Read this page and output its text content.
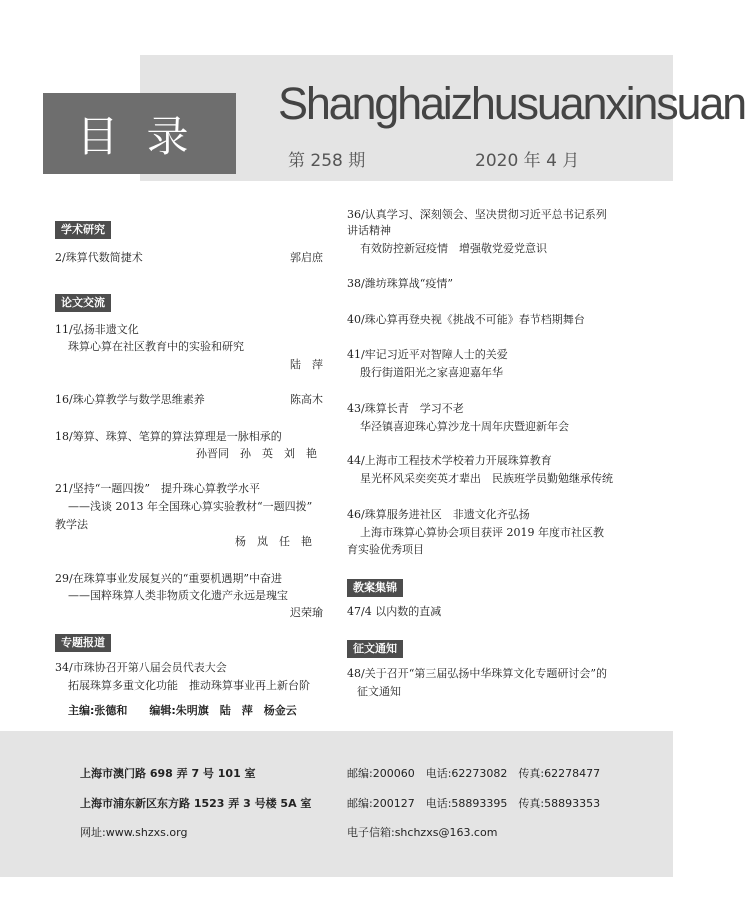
目录
Shanghaizhusuanxinsuan
第 258 期	2020 年 4 月
学术研究
2/珠算代数简捷术	郭启庶
论文交流
11/弘扬非遗文化
珠算心算在社区教育中的实验和研究
陆　萍
16/珠心算教学与数学思维素养	陈高木
18/筹算、珠算、笔算的算法算理是一脉相承的
孙晋同　孙　英　刘　艳
21/坚持“一题四拨”　提升珠心算教学水平
——浅谈 2013 年全国珠心算实验教材“一题四拨”
教学法
杨　岚　任　艳
29/在珠算事业发展复兴的“重要机遇期”中奋进
——国粹珠算人类非物质文化遗产永远是瑰宝
迟荣瑜
专题报道
34/市珠协召开第八届会员代表大会
拓展珠算多重文化功能　推动珠算事业再上新台阶
主编:张德和　　编辑:朱明旗　陆　萍　杨金云
36/认真学习、深刻领会、坚决贯彻习近平总书记系列
讲话精神
有效防控新冠疫情　增强敬党爱党意识
38/潍坊珠算战“疫情”
40/珠心算再登央视《挑战不可能》春节档期舞台
41/牢记习近平对智障人士的关爱
殷行街道阳光之家喜迎嘉年华
43/珠算长青　学习不老
华泾镇喜迎珠心算沙龙十周年庆暨迎新年会
44/上海市工程技术学校着力开展珠算教育
星光杯风采奕奕英才辈出　民族班学员勤勉继承传统
46/珠算服务进社区　非遗文化齐弘扬
上海市珠算心算协会项目获评 2019 年度市社区教
育实验优秀项目
教案集锦
47/4 以内数的直减
征文通知
48/关于召开“第三届弘扬中华珠算文化专题研讨会”的
征文通知
上海市澳门路 698 弄 7 号 101 室	邮编:200060　电话:62273082　传真:62278477
上海市浦东新区东方路 1523 弄 3 号楼 5A 室	邮编:200127　电话:58893395　传真:58893353
网址:www.shzxs.org	电子信箱:shchzxs@163.com
